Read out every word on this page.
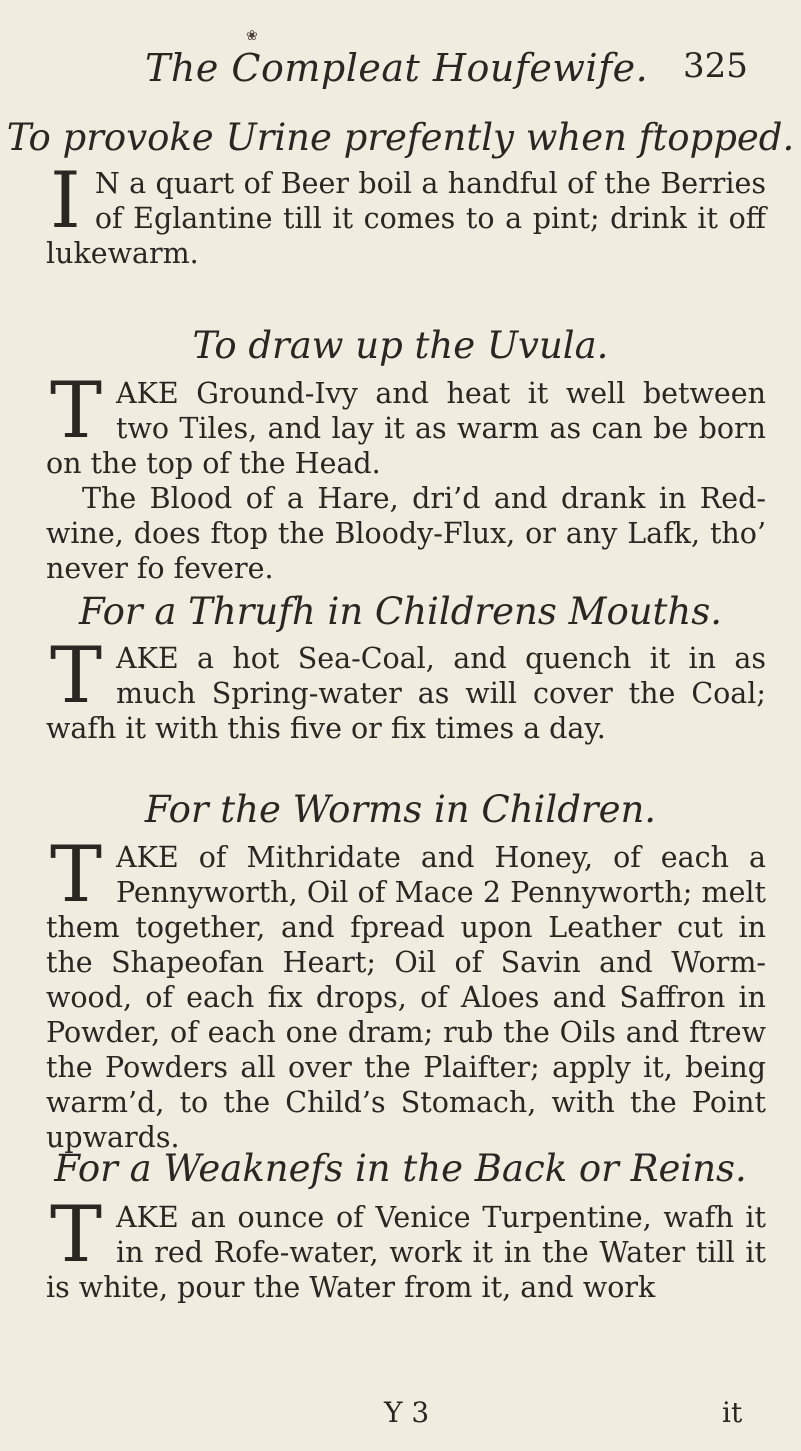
❀
The Compleat Houfewife. 325
To provoke Urine prefently when ftopped.
I N a quart of Beer boil a handful of the Berries of Eglantine till it comes to a pint; drink it off lukewarm.
To draw up the Uvula.
T AKE Ground-Ivy and heat it well between two Tiles, and lay it as warm as can be born on the top of the Head.
The Blood of a Hare, dri’d and drank in Red-wine, does ftop the Bloody-Flux, or any Lafk, tho’ never fo fevere.
For a Thrufh in Childrens Mouths.
T AKE a hot Sea-Coal, and quench it in as much Spring-water as will cover the Coal; wafh it with this five or fix times a day.
For the Worms in Children.
T AKE of Mithridate and Honey, of each a Pennyworth, Oil of Mace 2 Pennyworth; melt them together, and fpread upon Leather cut in the Shapeofan Heart; Oil of Savin and Worm-wood, of each fix drops, of Aloes and Saffron in Powder, of each one dram; rub the Oils and ftrew the Powders all over the Plaifter; apply it, being warm’d, to the Child’s Stomach, with the Point upwards.
For a Weaknefs in the Back or Reins.
T AKE an ounce of Venice Turpentine, wafh it in red Rofe-water, work it in the Water till it is white, pour the Water from it, and work
Y 3	it
